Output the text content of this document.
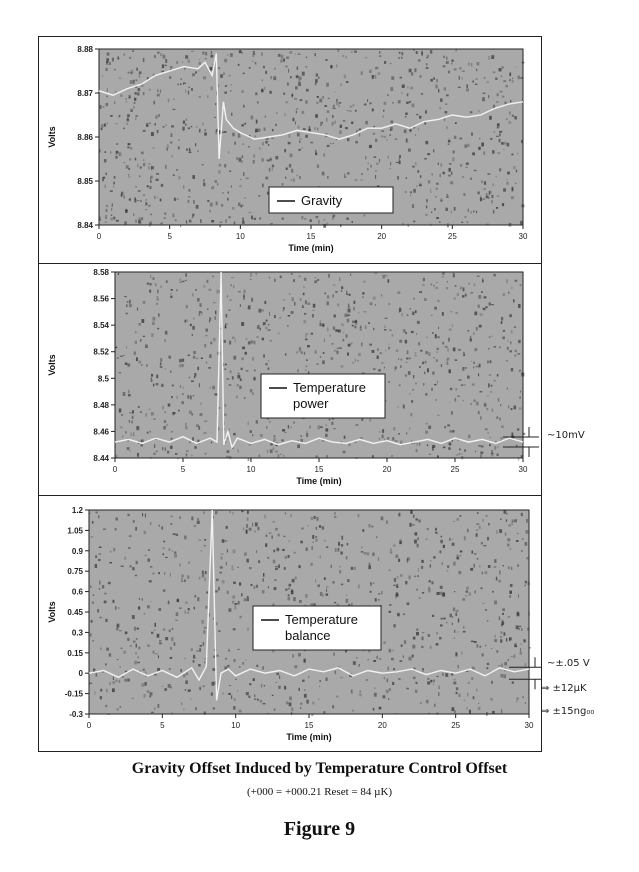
8.84
8.85
8.86
8.87
8.88
0	5	10	15	20	25	30
Time (min)
Volts
Gravity
8.44
8.46
8.48
8.5
8.52
8.54
8.56
8.58
0	5	10	15	20	25	30
Time (min)
Volts
Temperature
power
-0.3
-0.15
0
0.15
0.3
0.45
0.6
0.75
0.9
1.05
1.2
0	5	10	15	20	25	30
Time (min)
Volts	Temperature
balance
~10mV
~±.05 V
⇒ ±12µK
⇒ ±15ng₀₀
Gravity Offset Induced by Temperature Control Offset
(+000 = +000.21 Reset = 84 µK)
Figure 9
